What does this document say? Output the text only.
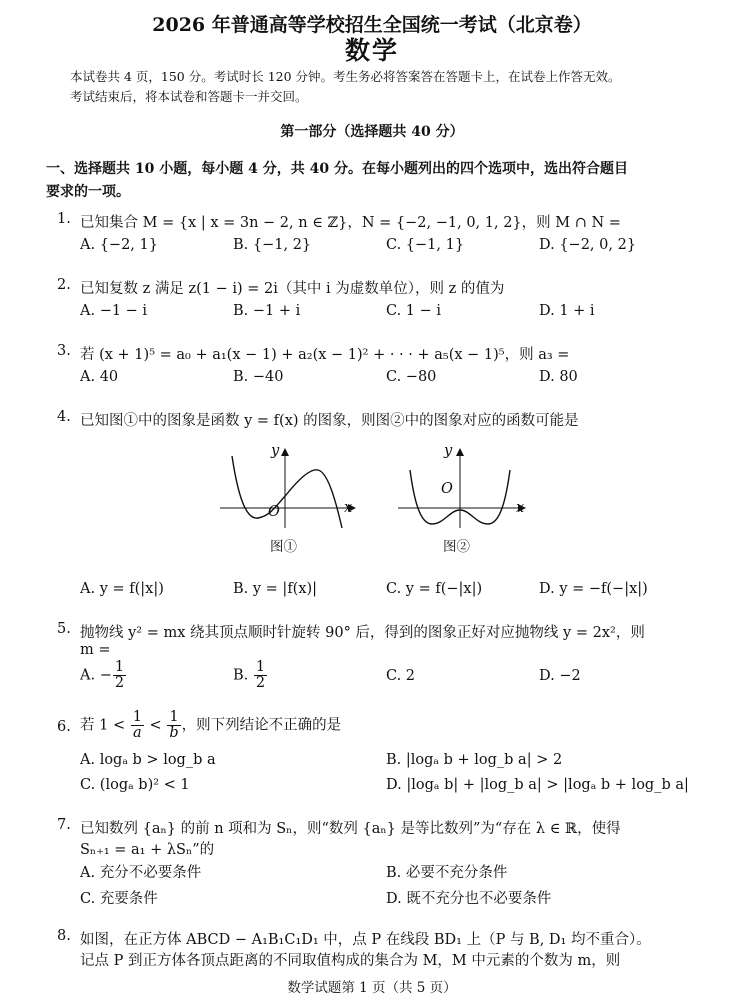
2026 年普通高等学校招生全国统一考试（北京卷）
数学
本试卷共 4 页，150 分。考试时长 120 分钟。考生务必将答案答在答题卡上，在试卷上作答无效。
考试结束后，将本试卷和答题卡一并交回。
第一部分（选择题共 40 分）
一、选择题共 10 小题，每小题 4 分，共 40 分。在每小题列出的四个选项中，选出符合题目
要求的一项。
1. 已知集合 M = {x | x = 3n − 2, n ∈ ℤ}，N = {−2, −1, 0, 1, 2}，则 M ∩ N =
A. {−2, 1}	B. {−1, 2}	C. {−1, 1}	D. {−2, 0, 2}
2. 已知复数 z 满足 z(1 − i) = 2i（其中 i 为虚数单位），则 z 的值为
A. −1 − i	B. −1 + i	C. 1 − i	D. 1 + i
3. 若 (x + 1)⁵ = a₀ + a₁(x − 1) + a₂(x − 1)² + · · · + a₅(x − 1)⁵，则 a₃ =
A. 40	B. −40	C. −80	D. 80
4. 已知图①中的图象是函数 y = f(x) 的图象，则图②中的图象对应的函数可能是
y
x
O
图①
y
x
O
图②
A. y = f(|x|)	B. y = |f(x)|	C. y = f(−|x|)	D. y = −f(−|x|)
5. 抛物线 y² = mx 绕其顶点顺时针旋转 90° 后，得到的图象正好对应抛物线 y = 2x²，则
m =
A. − $\frac{1}{2}$	B. $\frac{1}{2}$	C. 2	D. −2
6. 若 $1 < \frac{1}{a} < \frac{1}{b}$ ，则下列结论不正确的是
A. logₐ b > log_b a	B. |logₐ b + log_b a| > 2
C. (logₐ b)² < 1	D. |logₐ b| + |log_b a| > |logₐ b + log_b a|
7. 已知数列 {aₙ} 的前 n 项和为 Sₙ，则“数列 {aₙ} 是等比数列”为“存在 λ ∈ ℝ，使得
Sₙ₊₁ = a₁ + λSₙ”的
A. 充分不必要条件	B. 必要不充分条件
C. 充要条件	D. 既不充分也不必要条件
8. 如图，在正方体 ABCD − A₁B₁C₁D₁ 中，点 P 在线段 BD₁ 上（P 与 B, D₁ 均不重合）。
记点 P 到正方体各顶点距离的不同取值构成的集合为 M，M 中元素的个数为 m，则
数学试题第 1 页（共 5 页）
